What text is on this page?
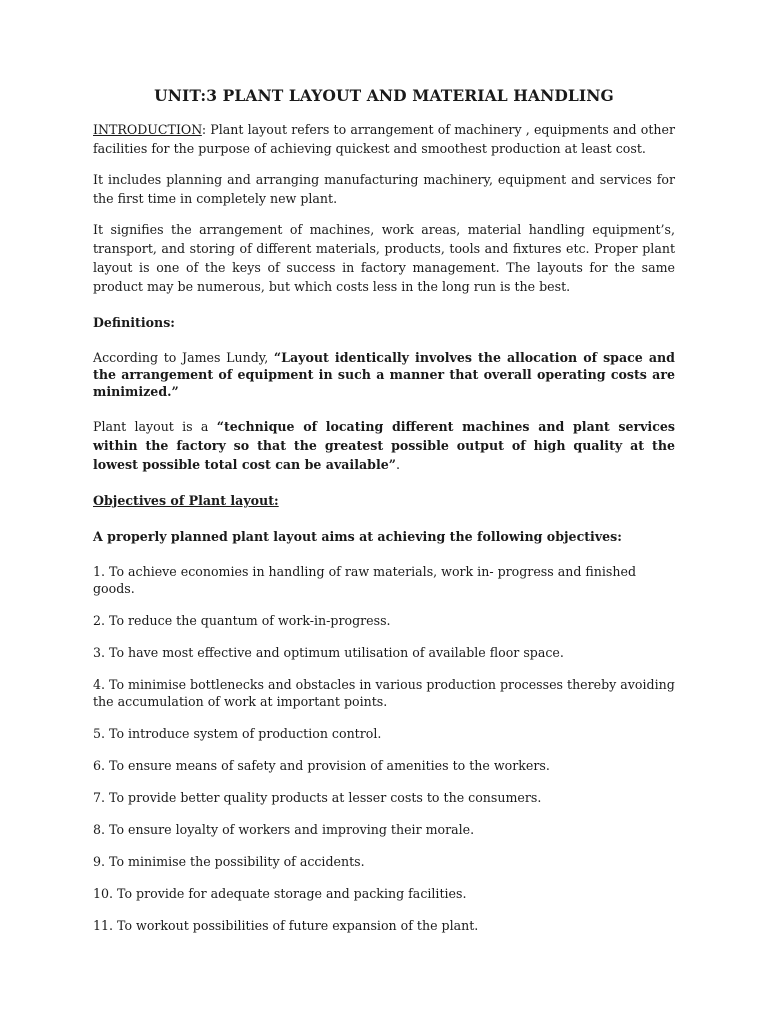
UNIT:3 PLANT LAYOUT AND MATERIAL HANDLING

INTRODUCTION: Plant layout refers to arrangement of machinery , equipments and other facilities for the purpose of achieving quickest and smoothest production at least cost.

It includes planning and arranging manufacturing machinery, equipment and services for the first time in completely new plant.

It signifies the arrangement of machines, work areas, material handling equipment’s, transport, and storing of different materials, products, tools and fixtures etc. Proper plant layout is one of the keys of success in factory management. The layouts for the same product may be numerous, but which costs less in the long run is the best.

Definitions:

According to James Lundy, “Layout identically involves the allocation of space and the arrangement of equipment in such a manner that overall operating costs are minimized.”

Plant layout is a “technique of locating different machines and plant services within the factory so that the greatest possible output of high quality at the lowest possible total cost can be available”.

Objectives of Plant layout:

A properly planned plant layout aims at achieving the following objectives:

1. To achieve economies in handling of raw materials, work in- progress and finished goods.

2. To reduce the quantum of work-in-progress.

3. To have most effective and optimum utilisation of available floor space.

4. To minimise bottlenecks and obstacles in various production processes thereby avoiding the accumulation of work at important points.

5. To introduce system of production control.

6. To ensure means of safety and provision of amenities to the workers.

7. To provide better quality products at lesser costs to the consumers.

8. To ensure loyalty of workers and improving their morale.

9. To minimise the possibility of accidents.

10. To provide for adequate storage and packing facilities.

11. To workout possibilities of future expansion of the plant.
